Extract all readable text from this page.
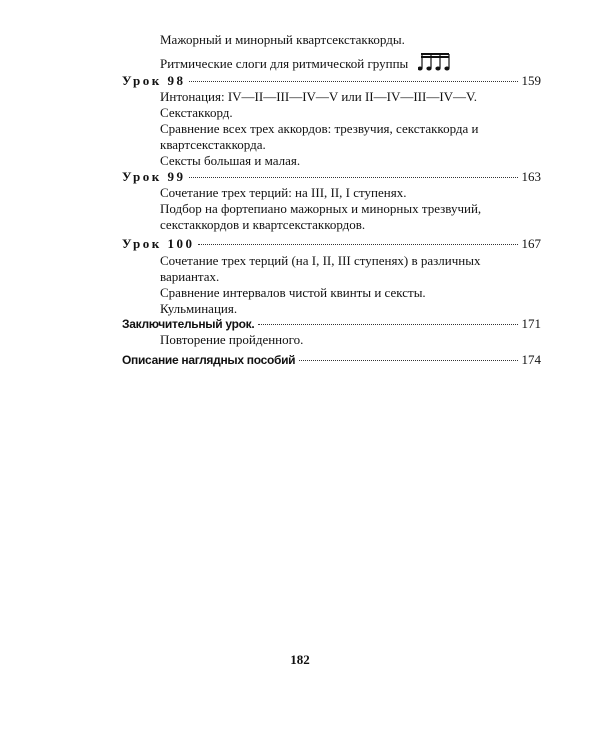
Мажорный и минорный квартсекстаккорды.
Ритмические слоги для ритмической группы
Урок 98	159
Интонация: IV—II—III—IV—V или II—IV—III—IV—V.
Секстаккорд.
Сравнение всех трех аккордов: трезвучия, секстаккорда и
квартсекстаккорда.
Сексты большая и малая.
Урок 99	163
Сочетание трех терций: на III, II, I ступенях.
Подбор на фортепиано мажорных и минорных трезвучий,
секстаккордов и квартсекстаккордов.
Урок 100	167
Сочетание трех терций (на I, II, III ступенях) в различных
вариантах.
Сравнение интервалов чистой квинты и сексты.
Кульминация.
Заключительный урок.	171
Повторение пройденного.
Описание наглядных пособий	174
182
